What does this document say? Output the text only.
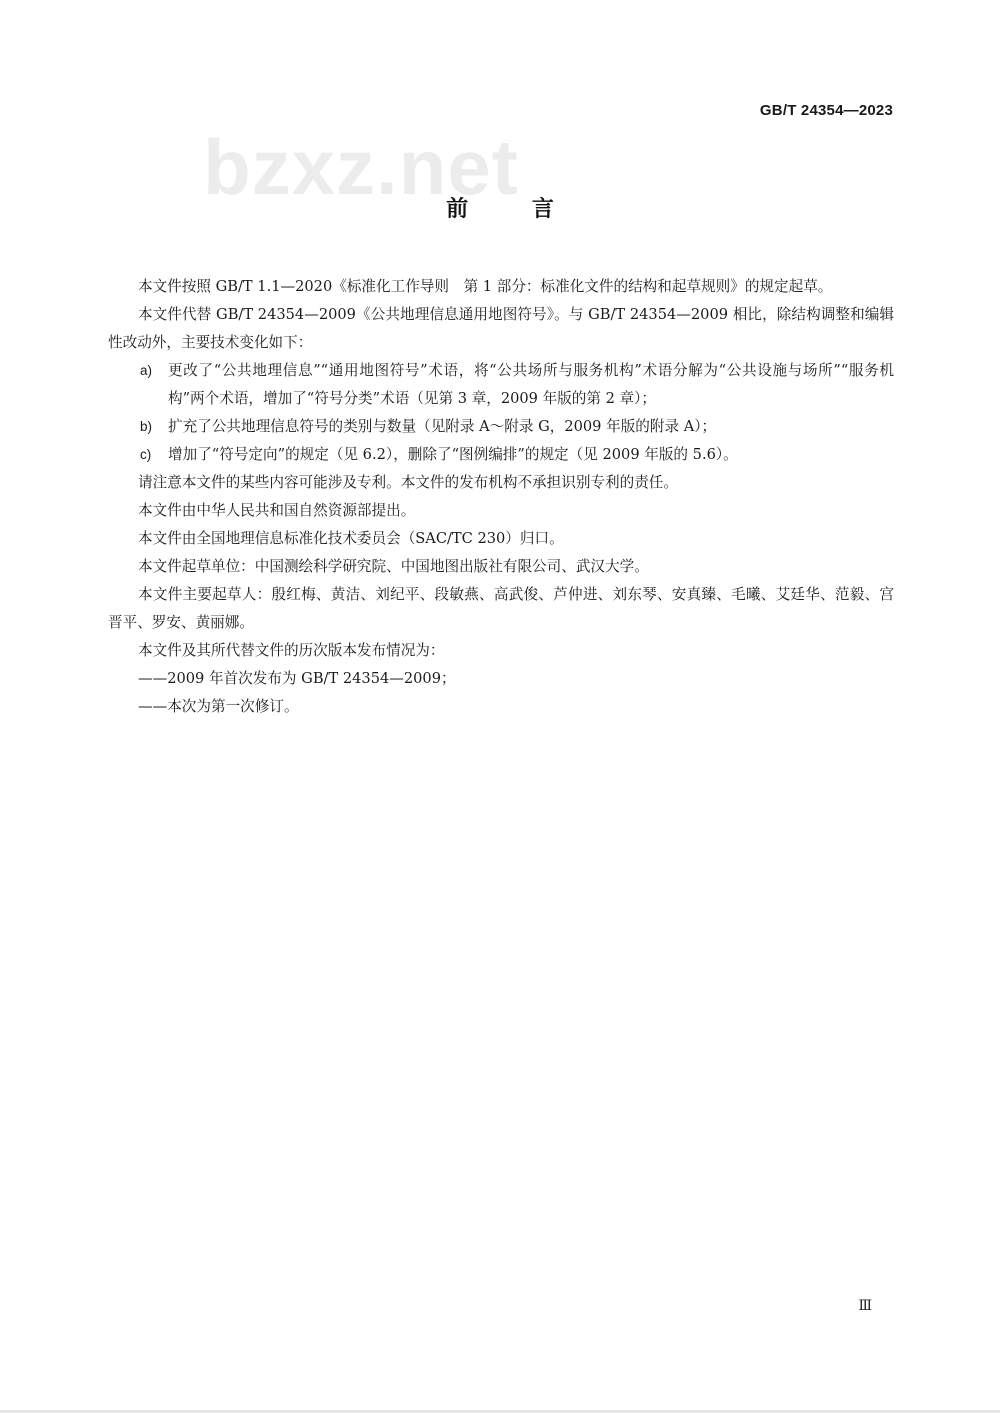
GB/T 24354—2023
bzxz.net
前 言

本文件按照 GB/T 1.1—2020《标准化工作导则　第 1 部分：标准化文件的结构和起草规则》的规定起草。

本文件代替 GB/T 24354—2009《公共地理信息通用地图符号》。与 GB/T 24354—2009 相比，除结构调整和编辑性改动外，主要技术变化如下：

a) 更改了“公共地理信息”“通用地图符号”术语，将“公共场所与服务机构”术语分解为“公共设施与场所”“服务机构”两个术语，增加了“符号分类”术语（见第 3 章，2009 年版的第 2 章）；

b) 扩充了公共地理信息符号的类别与数量（见附录 A～附录 G，2009 年版的附录 A）；

c) 增加了“符号定向”的规定（见 6.2），删除了“图例编排”的规定（见 2009 年版的 5.6）。

请注意本文件的某些内容可能涉及专利。本文件的发布机构不承担识别专利的责任。

本文件由中华人民共和国自然资源部提出。

本文件由全国地理信息标准化技术委员会（SAC/TC 230）归口。

本文件起草单位：中国测绘科学研究院、中国地图出版社有限公司、武汉大学。

本文件主要起草人：殷红梅、黄洁、刘纪平、段敏燕、高武俊、芦仲进、刘东琴、安真臻、毛曦、艾廷华、范毅、宫晋平、罗安、黄丽娜。

本文件及其所代替文件的历次版本发布情况为：

——2009 年首次发布为 GB/T 24354—2009；

——本次为第一次修订。

Ⅲ
